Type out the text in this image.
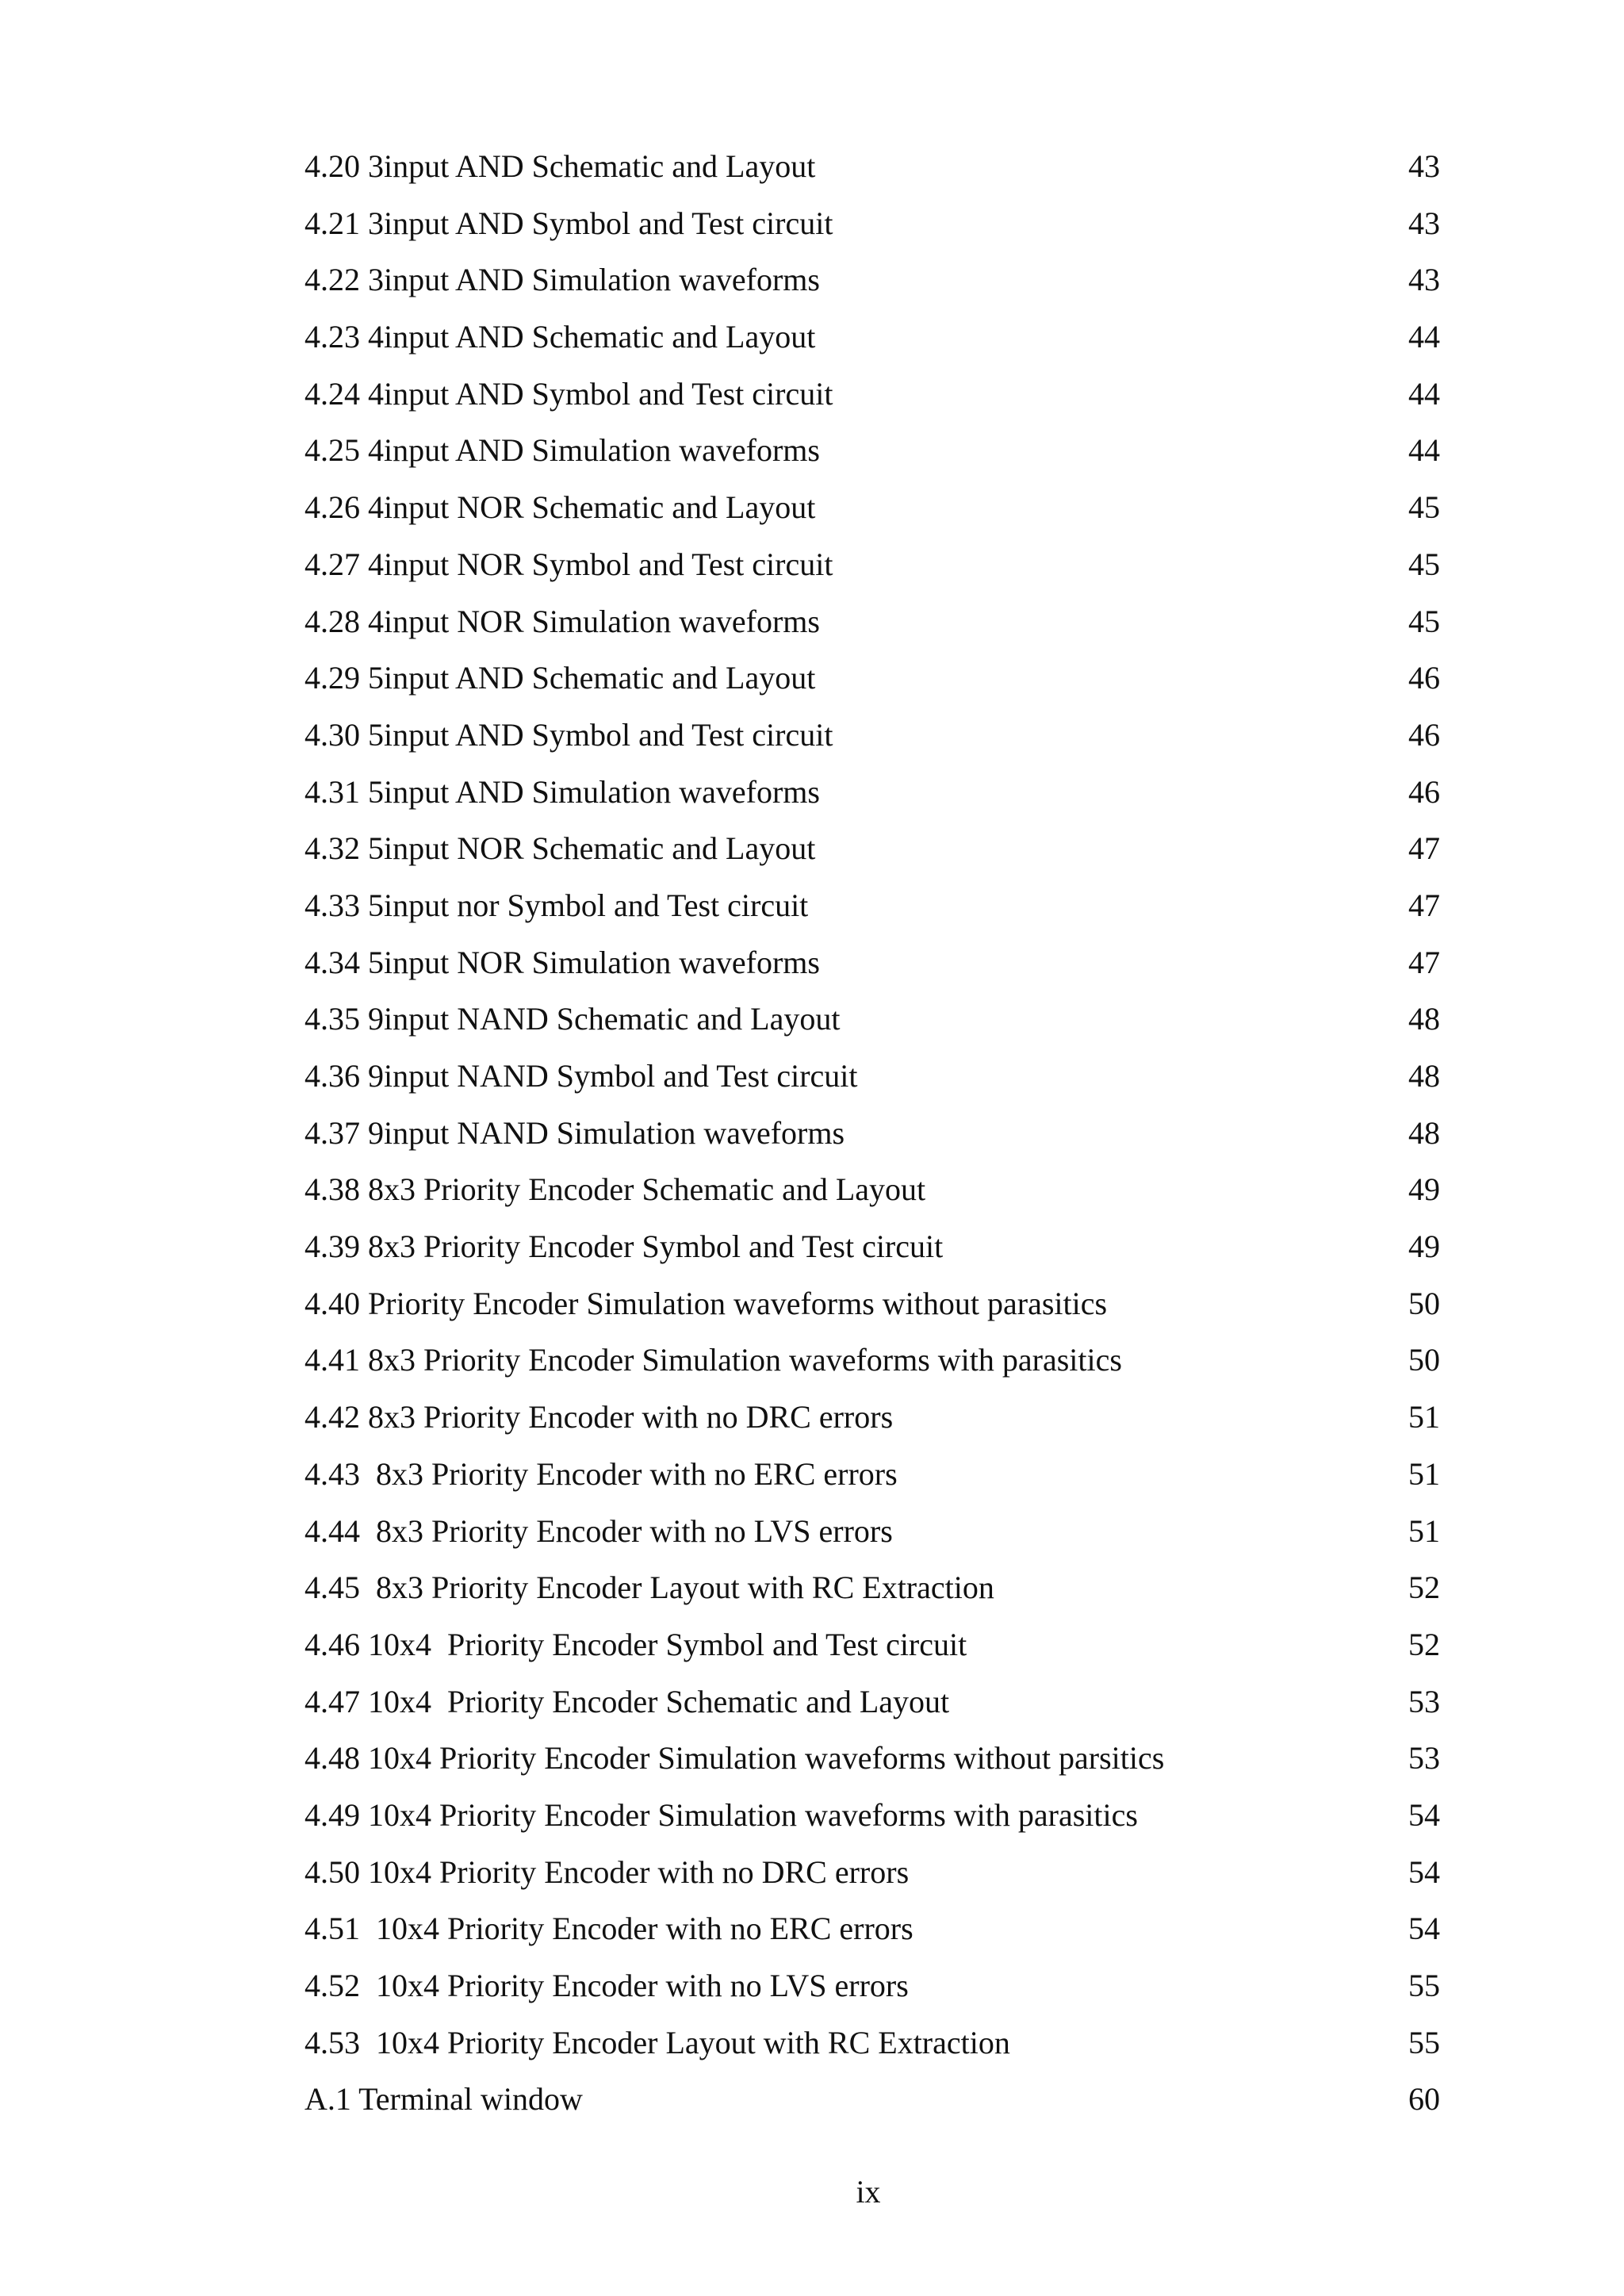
4.20 3input AND Schematic and Layout	43
4.21 3input AND Symbol and Test circuit	43
4.22 3input AND Simulation waveforms	43
4.23 4input AND Schematic and Layout	44
4.24 4input AND Symbol and Test circuit	44
4.25 4input AND Simulation waveforms	44
4.26 4input NOR Schematic and Layout	45
4.27 4input NOR Symbol and Test circuit	45
4.28 4input NOR Simulation waveforms	45
4.29 5input AND Schematic and Layout	46
4.30 5input AND Symbol and Test circuit	46
4.31 5input AND Simulation waveforms	46
4.32 5input NOR Schematic and Layout	47
4.33 5input nor Symbol and Test circuit	47
4.34 5input NOR Simulation waveforms	47
4.35 9input NAND Schematic and Layout	48
4.36 9input NAND Symbol and Test circuit	48
4.37 9input NAND Simulation waveforms	48
4.38 8x3 Priority Encoder Schematic and Layout	49
4.39 8x3 Priority Encoder Symbol and Test circuit	49
4.40 Priority Encoder Simulation waveforms without parasitics	50
4.41 8x3 Priority Encoder Simulation waveforms with parasitics	50
4.42 8x3 Priority Encoder with no DRC errors	51
4.43  8x3 Priority Encoder with no ERC errors	51
4.44  8x3 Priority Encoder with no LVS errors	51
4.45  8x3 Priority Encoder Layout with RC Extraction	52
4.46 10x4  Priority Encoder Symbol and Test circuit	52
4.47 10x4  Priority Encoder Schematic and Layout	53
4.48 10x4 Priority Encoder Simulation waveforms without parsitics	53
4.49 10x4 Priority Encoder Simulation waveforms with parasitics	54
4.50 10x4 Priority Encoder with no DRC errors	54
4.51  10x4 Priority Encoder with no ERC errors	54
4.52  10x4 Priority Encoder with no LVS errors	55
4.53  10x4 Priority Encoder Layout with RC Extraction	55
A.1 Terminal window	60
ix
